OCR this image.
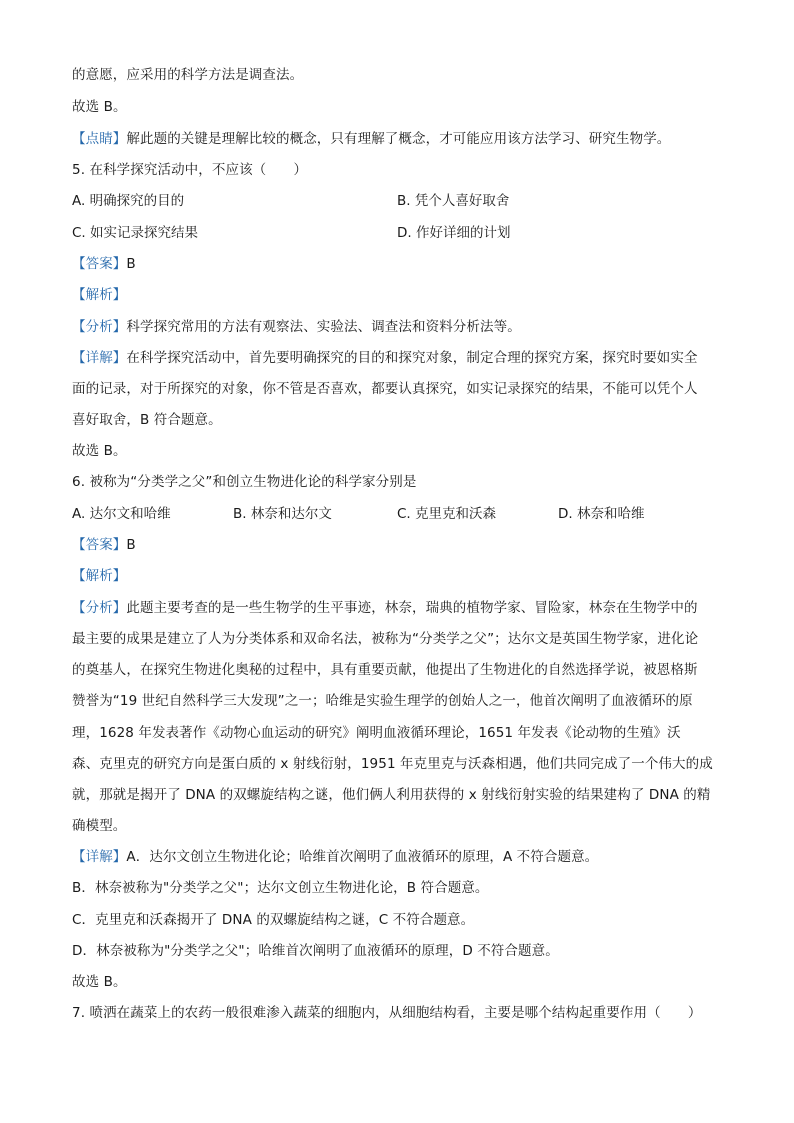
的意愿，应采用的科学方法是调查法。
故选 B。
【点睛】解此题的关键是理解比较的概念，只有理解了概念，才可能应用该方法学习、研究生物学。
5. 在科学探究活动中，不应该（　　）
A. 明确探究的目的	B. 凭个人喜好取舍
C. 如实记录探究结果	D. 作好详细的计划
【答案】B
【解析】
【分析】科学探究常用的方法有观察法、实验法、调查法和资料分析法等。
【详解】在科学探究活动中，首先要明确探究的目的和探究对象，制定合理的探究方案，探究时要如实全
面的记录，对于所探究的对象，你不管是否喜欢，都要认真探究，如实记录探究的结果，不能可以凭个人
喜好取舍，B 符合题意。
故选 B。
6. 被称为“分类学之父”和创立生物进化论的科学家分别是
A. 达尔文和哈维	B. 林奈和达尔文	C. 克里克和沃森	D. 林奈和哈维
【答案】B
【解析】
【分析】此题主要考查的是一些生物学的生平事迹，林奈，瑞典的植物学家、冒险家，林奈在生物学中的
最主要的成果是建立了人为分类体系和双命名法，被称为“分类学之父”；达尔文是英国生物学家，进化论
的奠基人，在探究生物进化奥秘的过程中，具有重要贡献，他提出了生物进化的自然选择学说，被恩格斯
赞誉为“19 世纪自然科学三大发现”之一；哈维是实验生理学的创始人之一，他首次阐明了血液循环的原
理，1628 年发表著作《动物心血运动的研究》阐明血液循环理论，1651 年发表《论动物的生殖》沃
森、克里克的研究方向是蛋白质的 x 射线衍射，1951 年克里克与沃森相遇，他们共同完成了一个伟大的成
就，那就是揭开了 DNA 的双螺旋结构之谜，他们俩人利用获得的 x 射线衍射实验的结果建构了 DNA 的精
确模型。
【详解】A．达尔文创立生物进化论；哈维首次阐明了血液循环的原理，A 不符合题意。
B．林奈被称为"分类学之父"；达尔文创立生物进化论，B 符合题意。
C．克里克和沃森揭开了 DNA 的双螺旋结构之谜，C 不符合题意。
D．林奈被称为"分类学之父"；哈维首次阐明了血液循环的原理，D 不符合题意。
故选 B。
7. 喷洒在蔬菜上的农药一般很难渗入蔬菜的细胞内，从细胞结构看，主要是哪个结构起重要作用（　　）
